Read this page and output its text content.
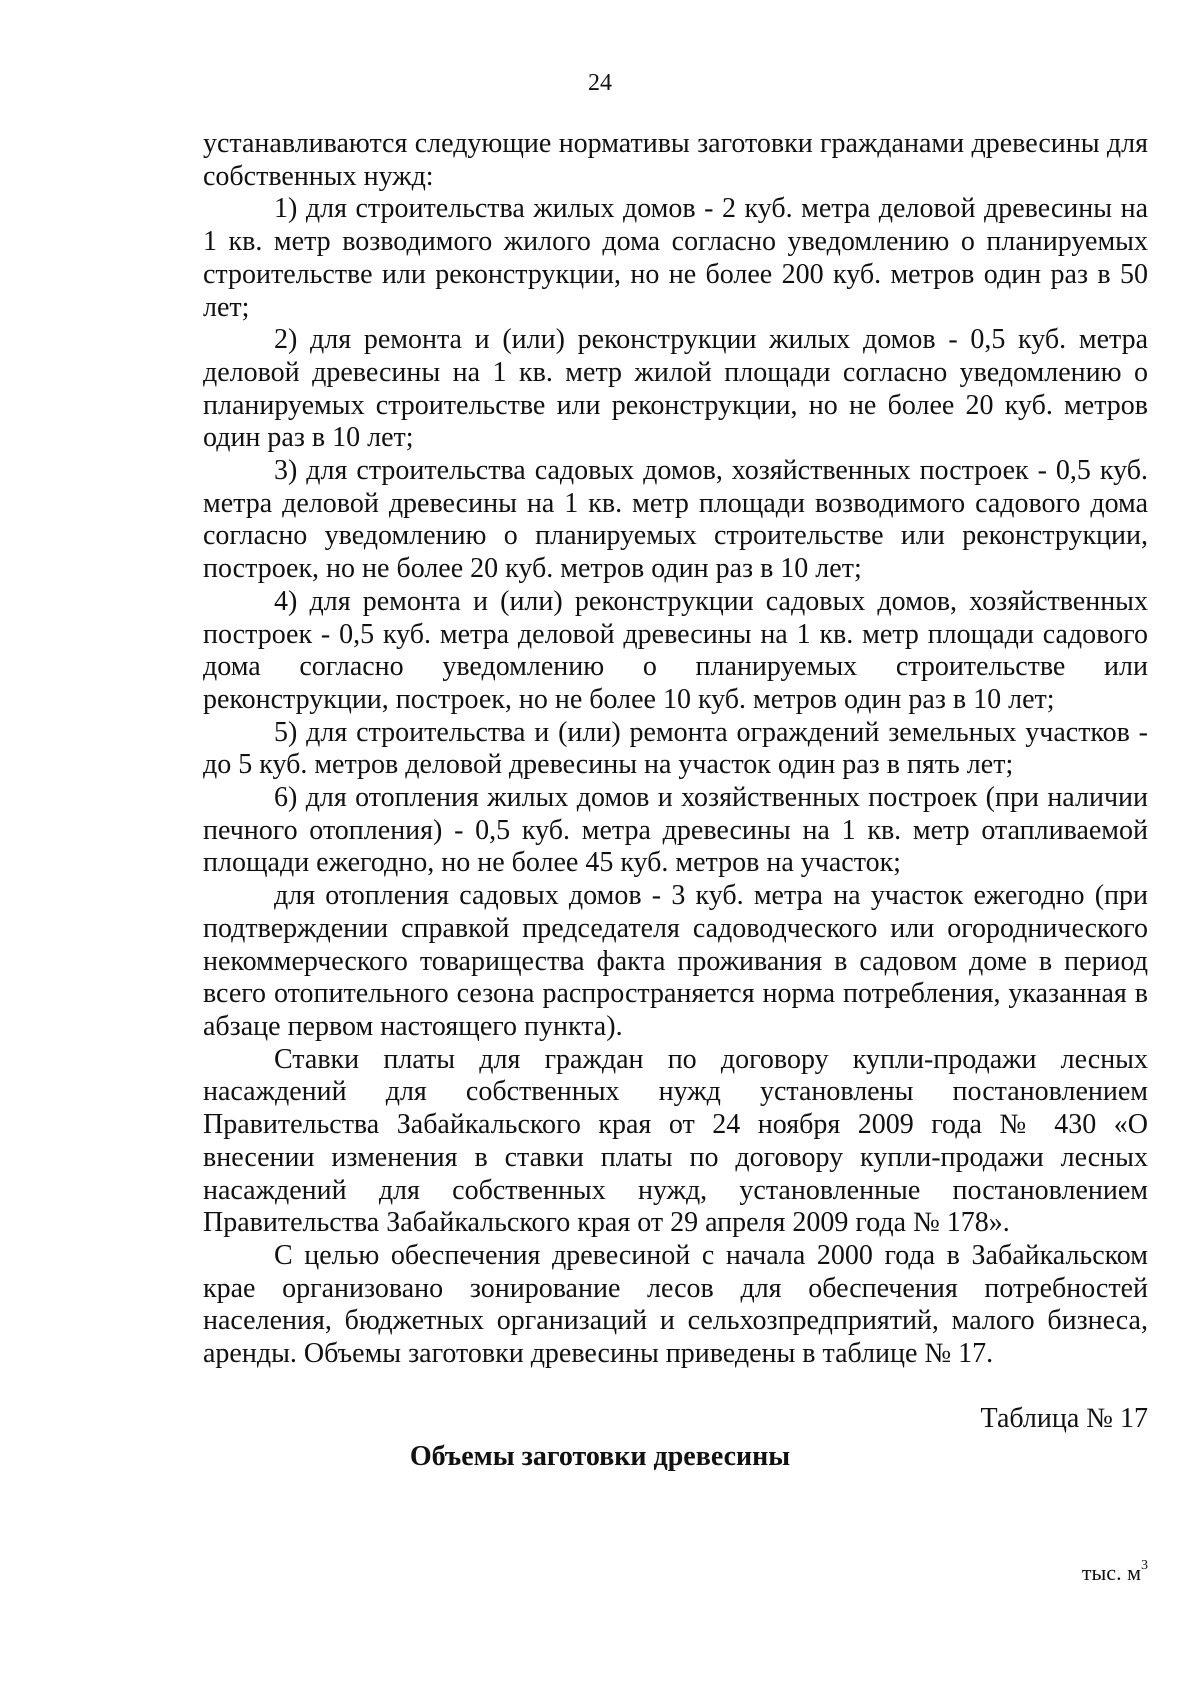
24

устанавливаются следующие нормативы заготовки гражданами древесины для собственных нужд:

1) для строительства жилых домов - 2 куб. метра деловой древесины на 1 кв. метр возводимого жилого дома согласно уведомлению о планируемых строительстве или реконструкции, но не более 200 куб. метров один раз в 50 лет;

2) для ремонта и (или) реконструкции жилых домов - 0,5 куб. метра деловой древесины на 1 кв. метр жилой площади согласно уведомлению о планируемых строительстве или реконструкции, но не более 20 куб. метров один раз в 10 лет;

3) для строительства садовых домов, хозяйственных построек - 0,5 куб. метра деловой древесины на 1 кв. метр площади возводимого садового дома согласно уведомлению о планируемых строительстве или реконструкции, построек, но не более 20 куб. метров один раз в 10 лет;

4) для ремонта и (или) реконструкции садовых домов, хозяйственных построек - 0,5 куб. метра деловой древесины на 1 кв. метр площади садового дома согласно уведомлению о планируемых строительстве или реконструкции, построек, но не более 10 куб. метров один раз в 10 лет;

5) для строительства и (или) ремонта ограждений земельных участков - до 5 куб. метров деловой древесины на участок один раз в пять лет;

6) для отопления жилых домов и хозяйственных построек (при наличии печного отопления) - 0,5 куб. метра древесины на 1 кв. метр отапливаемой площади ежегодно, но не более 45 куб. метров на участок;

для отопления садовых домов - 3 куб. метра на участок ежегодно (при подтверждении справкой председателя садоводческого или огороднического некоммерческого товарищества факта проживания в садовом доме в период всего отопительного сезона распространяется норма потребления, указанная в абзаце первом настоящего пункта).

Ставки платы для граждан по договору купли-продажи лесных насаждений для собственных нужд установлены постановлением Правительства Забайкальского края от 24 ноября 2009 года № 430 «О внесении изменения в ставки платы по договору купли-продажи лесных насаждений для собственных нужд, установленные постановлением Правительства Забайкальского края от 29 апреля 2009 года № 178».

С целью обеспечения древесиной с начала 2000 года в Забайкальском крае организовано зонирование лесов для обеспечения потребностей населения, бюджетных организаций и сельхозпредприятий, малого бизнеса, аренды. Объемы заготовки древесины приведены в таблице № 17.

Таблица № 17
Объемы заготовки древесины
тыс. $м^3$
